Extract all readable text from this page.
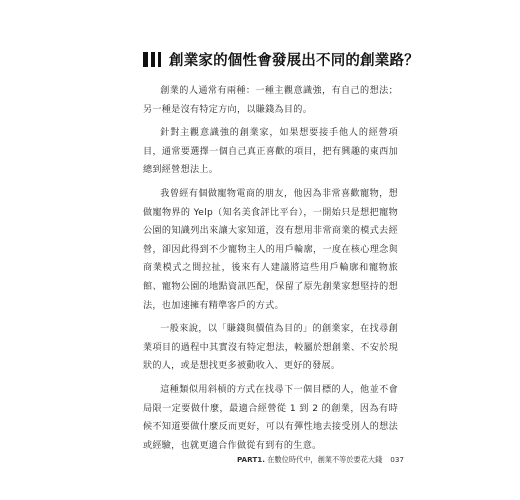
創業家的個性會發展出不同的創業路？

創業的人通常有兩種：一種主觀意識強，有自己的想法；另一種是沒有特定方向，以賺錢為目的。

針對主觀意識強的創業家，如果想要接手他人的經營項目，通常要選擇一個自己真正喜歡的項目，把有興趣的東西加總到經營想法上。

我曾經有個做寵物電商的朋友，他因為非常喜歡寵物，想做寵物界的 Yelp（知名美食評比平台），一開始只是想把寵物公園的知識列出來讓大家知道，沒有想用非常商業的模式去經營，卻因此得到不少寵物主人的用戶輪廓，一度在核心理念與商業模式之間拉扯，後來有人建議將這些用戶輪廓和寵物旅館、寵物公園的地點資訊匹配，保留了原先創業家想堅持的想法，也加速擁有精準客戶的方式。

一般來說，以「賺錢與價值為目的」的創業家，在找尋創業項目的過程中其實沒有特定想法，較屬於想創業、不安於現狀的人，或是想找更多被動收入、更好的發展。

這種類似用斜槓的方式在找尋下一個目標的人，他並不會局限一定要做什麼，最適合經營從 1 到 2 的創業，因為有時候不知道要做什麼反而更好，可以有彈性地去接受別人的想法或經驗，也就更適合作做從有到有的生意。

PART1. 在數位時代中，創業不等於要花大錢 037
